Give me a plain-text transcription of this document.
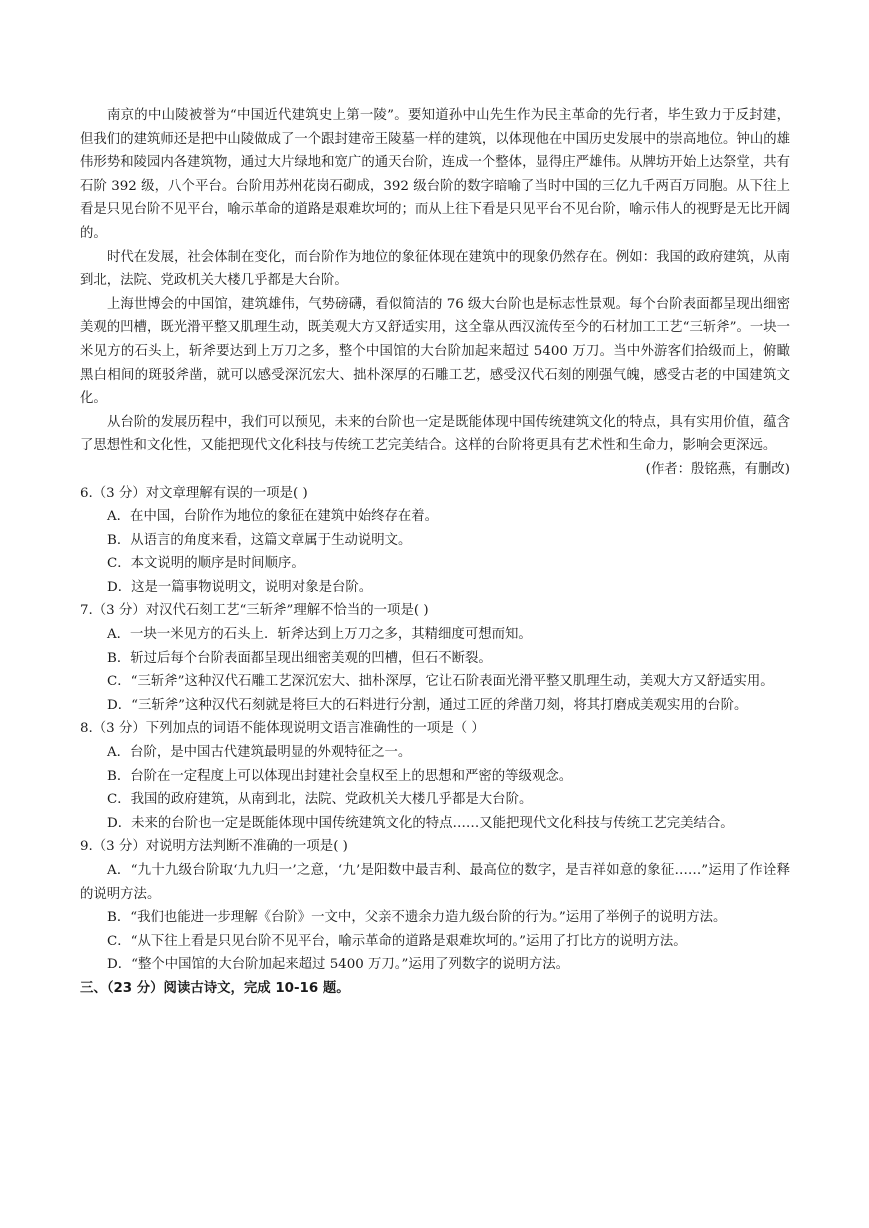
南京的中山陵被誉为“中国近代建筑史上第一陵”。要知道孙中山先生作为民主革命的先行者，毕生致力于反封建，但我们的建筑师还是把中山陵做成了一个跟封建帝王陵墓一样的建筑，以体现他在中国历史发展中的崇高地位。钟山的雄伟形势和陵园内各建筑物，通过大片绿地和宽广的通天台阶，连成一个整体，显得庄严雄伟。从牌坊开始上达祭堂，共有石阶 392 级，八个平台。台阶用苏州花岗石砌成，392 级台阶的数字暗喻了当时中国的三亿九千两百万同胞。从下往上看是只见台阶不见平台，喻示革命的道路是艰难坎坷的；而从上往下看是只见平台不见台阶，喻示伟人的视野是无比开阔的。

时代在发展，社会体制在变化，而台阶作为地位的象征体现在建筑中的现象仍然存在。例如：我国的政府建筑，从南到北，法院、党政机关大楼几乎都是大台阶。

上海世博会的中国馆，建筑雄伟，气势磅礴，看似简洁的 76 级大台阶也是标志性景观。每个台阶表面都呈现出细密美观的凹槽，既光滑平整又肌理生动，既美观大方又舒适实用，这全靠从西汉流传至今的石材加工工艺“三斩斧”。一块一米见方的石头上，斩斧要达到上万刀之多，整个中国馆的大台阶加起来超过 5400 万刀。当中外游客们拾级而上，俯瞰黑白相间的斑驳斧凿，就可以感受深沉宏大、拙朴深厚的石雕工艺，感受汉代石刻的刚强气魄，感受古老的中国建筑文化。

从台阶的发展历程中，我们可以预见，未来的台阶也一定是既能体现中国传统建筑文化的特点，具有实用价值，蕴含了思想性和文化性，又能把现代文化科技与传统工艺完美结合。这样的台阶将更具有艺术性和生命力，影响会更深远。

(作者：殷铭燕，有删改)

6.（3 分）对文章理解有误的一项是( )

A．在中国，台阶作为地位的象征在建筑中始终存在着。

B．从语言的角度来看，这篇文章属于生动说明文。

C．本文说明的顺序是时间顺序。

D．这是一篇事物说明文，说明对象是台阶。

7.（3 分）对汉代石刻工艺“三斩斧”理解不恰当的一项是( )

A．一块一米见方的石头上．斩斧达到上万刀之多，其精细度可想而知。

B．斩过后每个台阶表面都呈现出细密美观的凹槽，但石不断裂。

C．“三斩斧”这种汉代石雕工艺深沉宏大、拙朴深厚，它让石阶表面光滑平整又肌理生动，美观大方又舒适实用。

D．“三斩斧”这种汉代石刻就是将巨大的石料进行分割，通过工匠的斧凿刀刻，将其打磨成美观实用的台阶。

8.（3 分）下列加点的词语不能体现说明文语言准确性的一项是（ ）

A．台阶，是中国古代建筑最明显的外观特征之一。

B．台阶在一定程度上可以体现出封建社会皇权至上的思想和严密的等级观念。

C．我国的政府建筑，从南到北，法院、党政机关大楼几乎都是大台阶。

D．未来的台阶也一定是既能体现中国传统建筑文化的特点……又能把现代文化科技与传统工艺完美结合。

9.（3 分）对说明方法判断不准确的一项是( )

A．“九十九级台阶取‘九九归一’之意，‘九’是阳数中最吉利、最高位的数字，是吉祥如意的象征……”运用了作诠释的说明方法。

B．“我们也能进一步理解《台阶》一文中，父亲不遗余力造九级台阶的行为。”运用了举例子的说明方法。

C．“从下往上看是只见台阶不见平台，喻示革命的道路是艰难坎坷的。”运用了打比方的说明方法。

D．“整个中国馆的大台阶加起来超过 5400 万刀。”运用了列数字的说明方法。

三、（23 分）阅读古诗文，完成 10-16 题。
